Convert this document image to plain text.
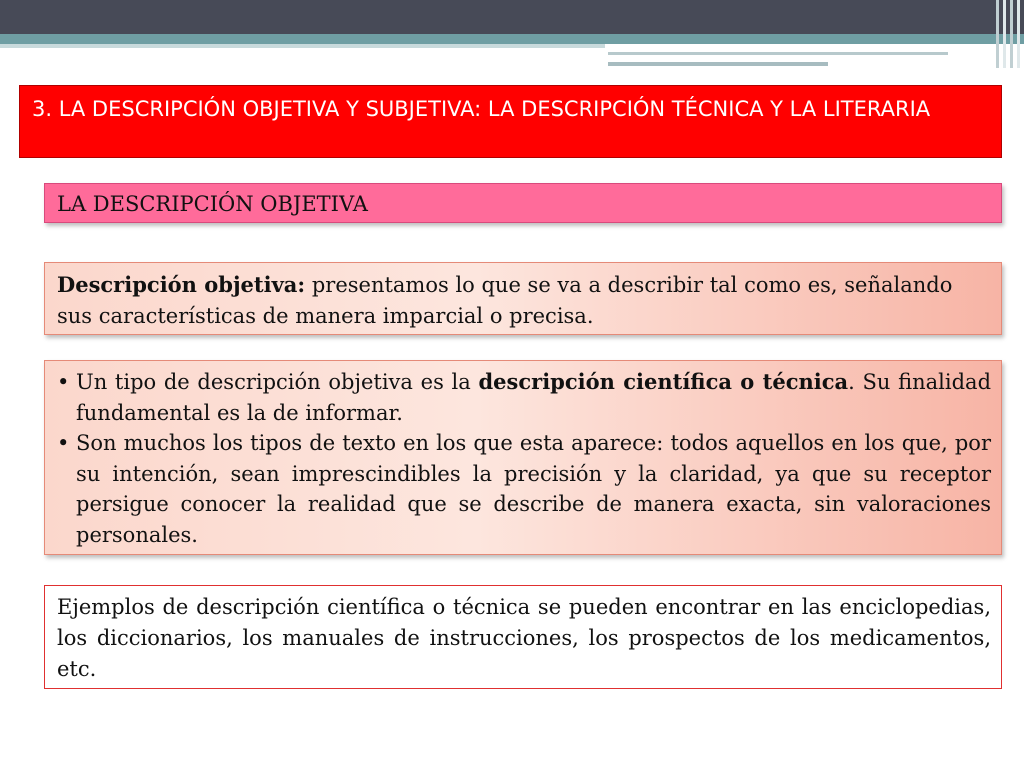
3. LA DESCRIPCIÓN OBJETIVA Y SUBJETIVA: LA DESCRIPCIÓN TÉCNICA Y LA LITERARIA
LA DESCRIPCIÓN OBJETIVA
Descripción objetiva: presentamos lo que se va a describir tal como es, señalando sus características de manera imparcial o precisa.
• Un tipo de descripción objetiva es la descripción científica o técnica. Su finalidad fundamental es la de informar.
• Son muchos los tipos de texto en los que esta aparece: todos aquellos en los que, por su intención, sean imprescindibles la precisión y la claridad, ya que su receptor persigue conocer la realidad que se describe de manera exacta, sin valoraciones personales.
Ejemplos de descripción científica o técnica se pueden encontrar en las enciclopedias, los diccionarios, los manuales de instrucciones, los prospectos de los medicamentos, etc.
